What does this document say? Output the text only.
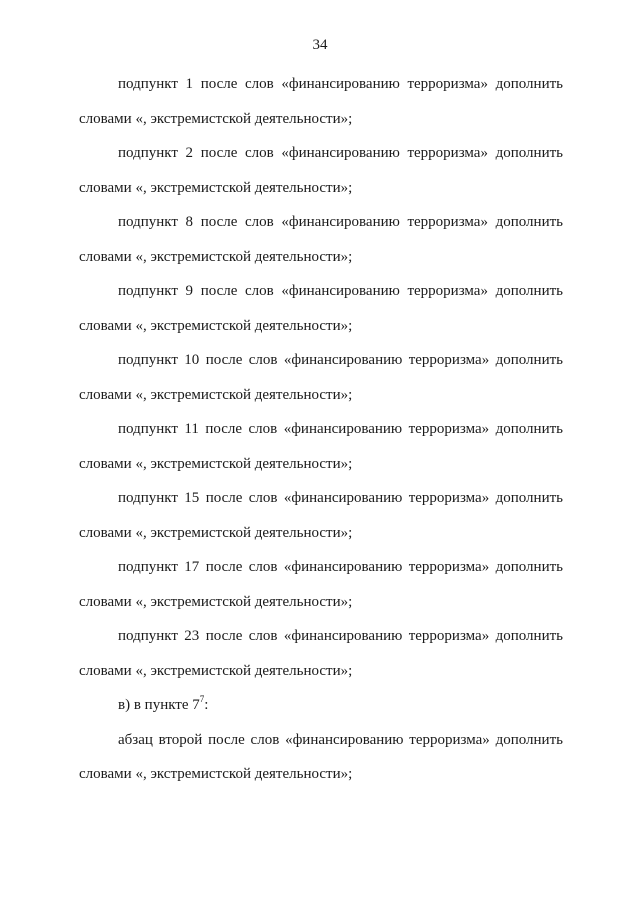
34

подпункт 1 после слов «финансированию терроризма» дополнить
словами «, экстремистской деятельности»;

подпункт 2 после слов «финансированию терроризма» дополнить
словами «, экстремистской деятельности»;

подпункт 8 после слов «финансированию терроризма» дополнить
словами «, экстремистской деятельности»;

подпункт 9 после слов «финансированию терроризма» дополнить
словами «, экстремистской деятельности»;

подпункт 10 после слов «финансированию терроризма» дополнить
словами «, экстремистской деятельности»;

подпункт 11 после слов «финансированию терроризма» дополнить
словами «, экстремистской деятельности»;

подпункт 15 после слов «финансированию терроризма» дополнить
словами «, экстремистской деятельности»;

подпункт 17 после слов «финансированию терроризма» дополнить
словами «, экстремистской деятельности»;

подпункт 23 после слов «финансированию терроризма» дополнить
словами «, экстремистской деятельности»;

в) в пункте $7^7$:

абзац второй после слов «финансированию терроризма» дополнить
словами «, экстремистской деятельности»;
